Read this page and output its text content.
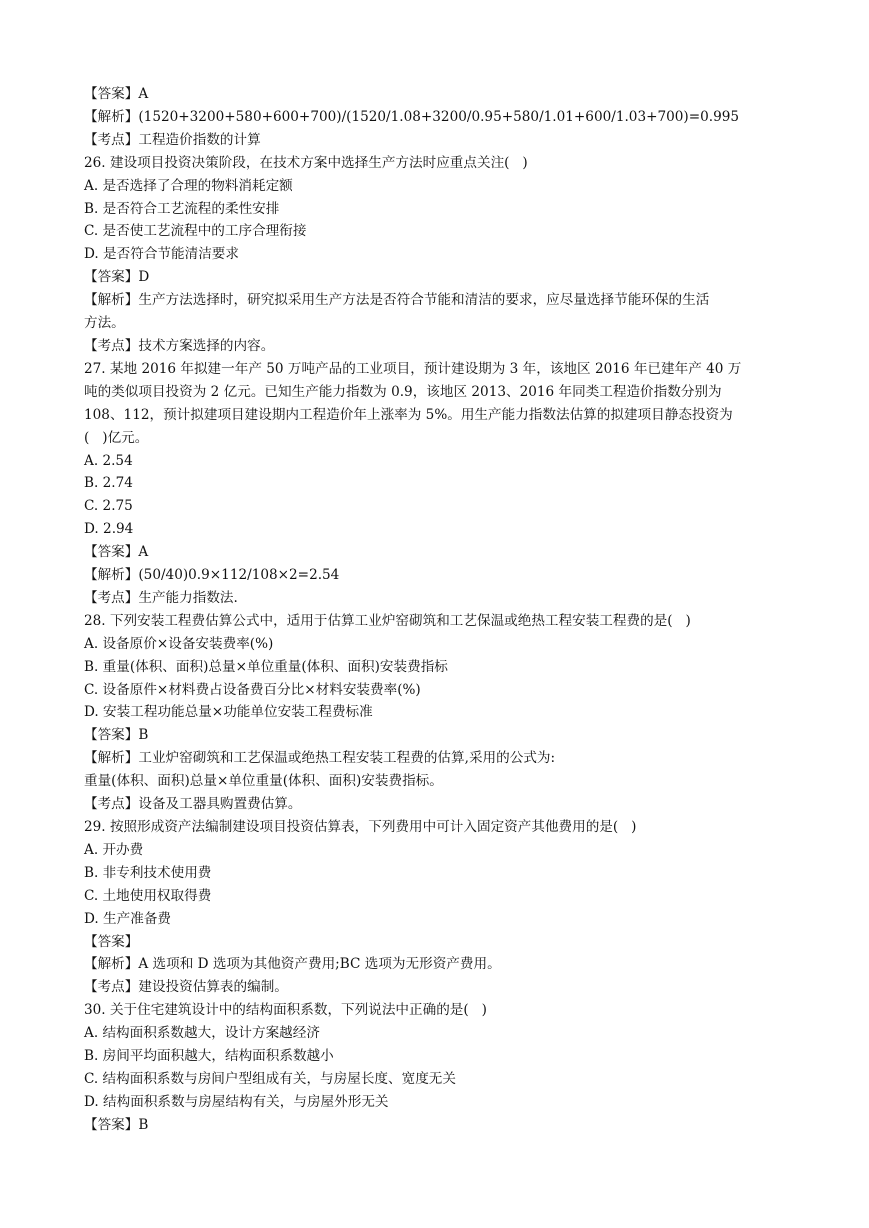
【答案】A
【解析】(1520+3200+580+600+700)/(1520/1.08+3200/0.95+580/1.01+600/1.03+700)=0.995
【考点】工程造价指数的计算
26. 建设项目投资决策阶段，在技术方案中选择生产方法时应重点关注(   )
A. 是否选择了合理的物料消耗定额
B. 是否符合工艺流程的柔性安排
C. 是否使工艺流程中的工序合理衔接
D. 是否符合节能清洁要求
【答案】D
【解析】生产方法选择时，研究拟采用生产方法是否符合节能和清洁的要求，应尽量选择节能环保的生活
方法。
【考点】技术方案选择的内容。
27. 某地 2016 年拟建一年产 50 万吨产品的工业项目，预计建设期为 3 年，该地区 2016 年已建年产 40 万
吨的类似项目投资为 2 亿元。已知生产能力指数为 0.9，该地区 2013、2016 年同类工程造价指数分别为
108、112，预计拟建项目建设期内工程造价年上涨率为 5%。用生产能力指数法估算的拟建项目静态投资为
(   )亿元。
A. 2.54
B. 2.74
C. 2.75
D. 2.94
【答案】A
【解析】(50/40)0.9×112/108×2=2.54
【考点】生产能力指数法.
28. 下列安装工程费估算公式中，适用于估算工业炉窑砌筑和工艺保温或绝热工程安装工程费的是(   )
A. 设备原价×设备安装费率(%)
B. 重量(体积、面积)总量×单位重量(体积、面积)安装费指标
C. 设备原件×材料费占设备费百分比×材料安装费率(%)
D. 安装工程功能总量×功能单位安装工程费标准
【答案】B
【解析】工业炉窑砌筑和工艺保温或绝热工程安装工程费的估算,采用的公式为:
重量(体积、面积)总量×单位重量(体积、面积)安装费指标。
【考点】设备及工器具购置费估算。
29. 按照形成资产法编制建设项目投资估算表，下列费用中可计入固定资产其他费用的是(   )
A. 开办费
B. 非专利技术使用费
C. 土地使用权取得费
D. 生产准备费
【答案】
【解析】A 选项和 D 选项为其他资产费用;BC 选项为无形资产费用。
【考点】建设投资估算表的编制。
30. 关于住宅建筑设计中的结构面积系数，下列说法中正确的是(   )
A. 结构面积系数越大，设计方案越经济
B. 房间平均面积越大，结构面积系数越小
C. 结构面积系数与房间户型组成有关，与房屋长度、宽度无关
D. 结构面积系数与房屋结构有关，与房屋外形无关
【答案】B
